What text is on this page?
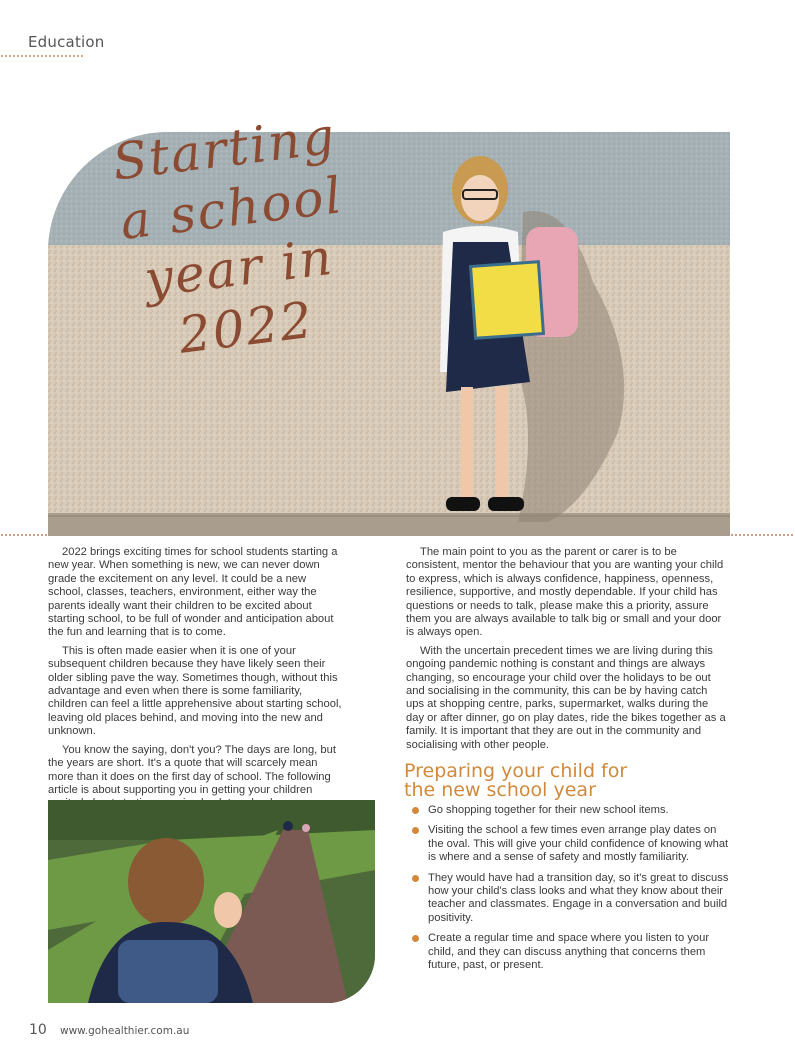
Education
Starting
a school
year in
2022

2022 brings exciting times for school students starting a new year. When something is new, we can never down grade the excitement on any level. It could be a new school, classes, teachers, environment, either way the parents ideally want their children to be excited about starting school, to be full of wonder and anticipation about the fun and learning that is to come.

This is often made easier when it is one of your subsequent children because they have likely seen their older sibling pave the way. Sometimes though, without this advantage and even when there is some familiarity, children can feel a little apprehensive about starting school, leaving old places behind, and moving into the new and unknown.

You know the saying, don't you? The days are long, but the years are short. It's a quote that will scarcely mean more than it does on the first day of school. The following article is about supporting you in getting your children

The main point to you as the parent or carer is to be consistent, mentor the behaviour that you are wanting your child to express, which is always confidence, happiness, openness, resilience, supportive, and mostly dependable. If your child has questions or needs to talk, please make this a priority, assure them you are always available to talk big or small and your door is always open.

With the uncertain precedent times we are living during this ongoing pandemic nothing is constant and things are always changing, so encourage your child over the holidays to be out and socialising in the community, this can be by having catch ups at shopping centre, parks, supermarket, walks during the day or after dinner, go on play dates, ride the bikes together as a family. It is important that they are out in the community and socialising with other people.

Preparing your child for
the new school year
Go shopping together for their new school items.
Visiting the school a few times even arrange play dates on the oval. This will give your child confidence of knowing what is where and a sense of safety and mostly familiarity.
They would have had a transition day, so it's great to discuss how your child's class looks and what they know about their teacher and classmates. Engage in a conversation and build positivity.
Create a regular time and space where you listen to your child, and they can discuss anything that concerns them future, past, or present.
10 www.gohealthier.com.au
